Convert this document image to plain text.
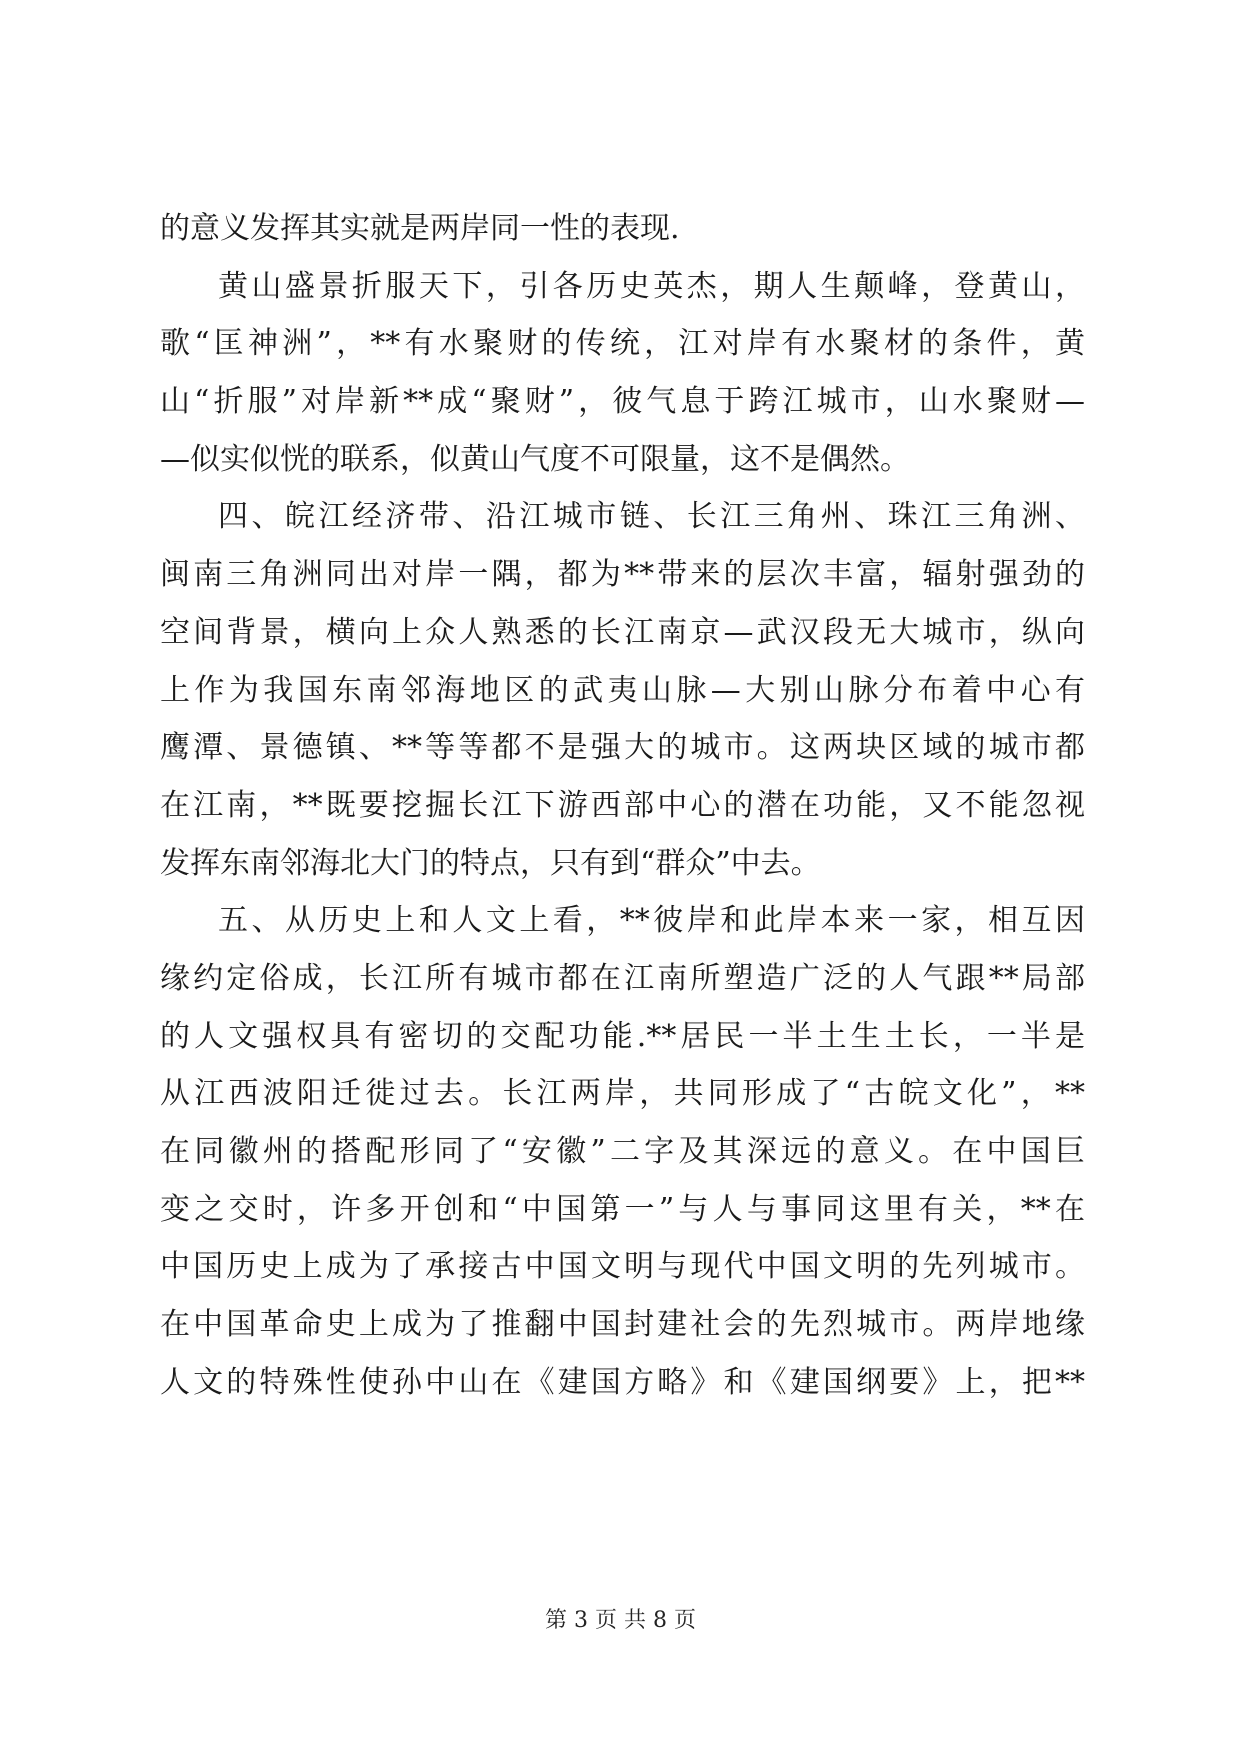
的意义发挥其实就是两岸同一性的表现.
黄山盛景折服天下，引各历史英杰，期人生颠峰，登黄山，
歌“匡神洲”，**有水聚财的传统，江对岸有水聚材的条件，黄
山“折服”对岸新**成“聚财”，彼气息于跨江城市，山水聚财—
—似实似恍的联系，似黄山气度不可限量，这不是偶然。
四、皖江经济带、沿江城市链、长江三角州、珠江三角洲、
闽南三角洲同出对岸一隅，都为**带来的层次丰富，辐射强劲的
空间背景，横向上众人熟悉的长江南京—武汉段无大城市，纵向
上作为我国东南邻海地区的武夷山脉—大别山脉分布着中心有
鹰潭、景德镇、**等等都不是强大的城市。这两块区域的城市都
在江南，**既要挖掘长江下游西部中心的潜在功能，又不能忽视
发挥东南邻海北大门的特点，只有到“群众”中去。
五、从历史上和人文上看，**彼岸和此岸本来一家，相互因
缘约定俗成，长江所有城市都在江南所塑造广泛的人气跟**局部
的人文强权具有密切的交配功能.**居民一半土生土长，一半是
从江西波阳迁徙过去。长江两岸，共同形成了“古皖文化”，**
在同徽州的搭配形同了“安徽”二字及其深远的意义。在中国巨
变之交时，许多开创和“中国第一”与人与事同这里有关，**在
中国历史上成为了承接古中国文明与现代中国文明的先列城市。
在中国革命史上成为了推翻中国封建社会的先烈城市。两岸地缘
人文的特殊性使孙中山在《建国方略》和《建国纲要》上，把**
第 3 页 共 8 页
